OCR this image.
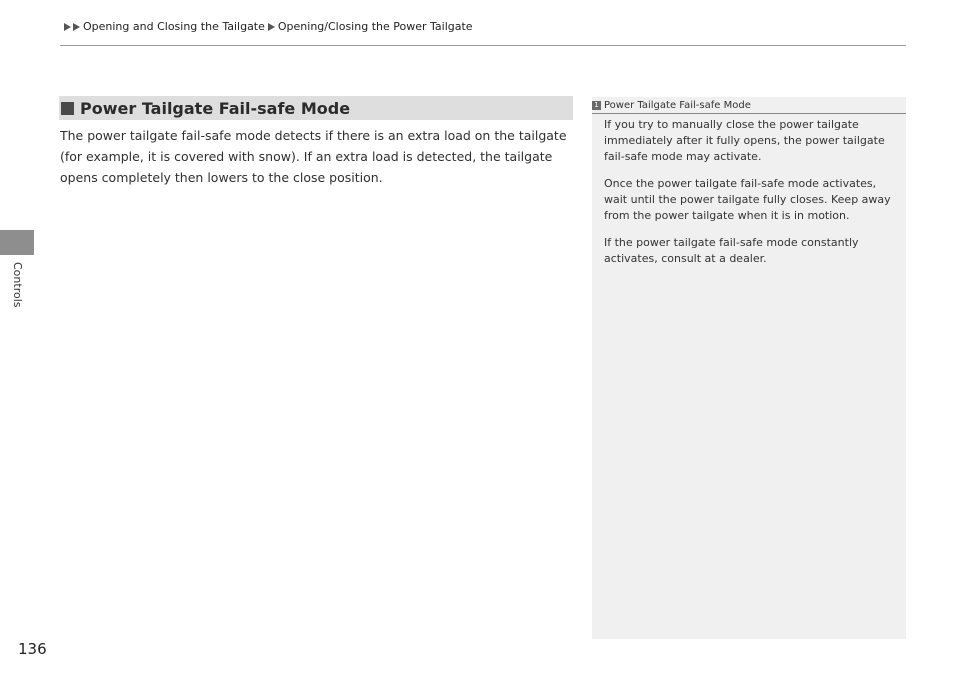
Opening and Closing the Tailgate Opening/Closing the Power Tailgate
Controls
Power Tailgate Fail-safe Mode

The power tailgate fail-safe mode detects if there is an extra load on the tailgate (for example, it is covered with snow). If an extra load is detected, the tailgate opens completely then lowers to the close position.

1 Power Tailgate Fail-safe Mode

If you try to manually close the power tailgate immediately after it fully opens, the power tailgate fail-safe mode may activate.

Once the power tailgate fail-safe mode activates, wait until the power tailgate fully closes. Keep away from the power tailgate when it is in motion.

If the power tailgate fail-safe mode constantly activates, consult at a dealer.

136
